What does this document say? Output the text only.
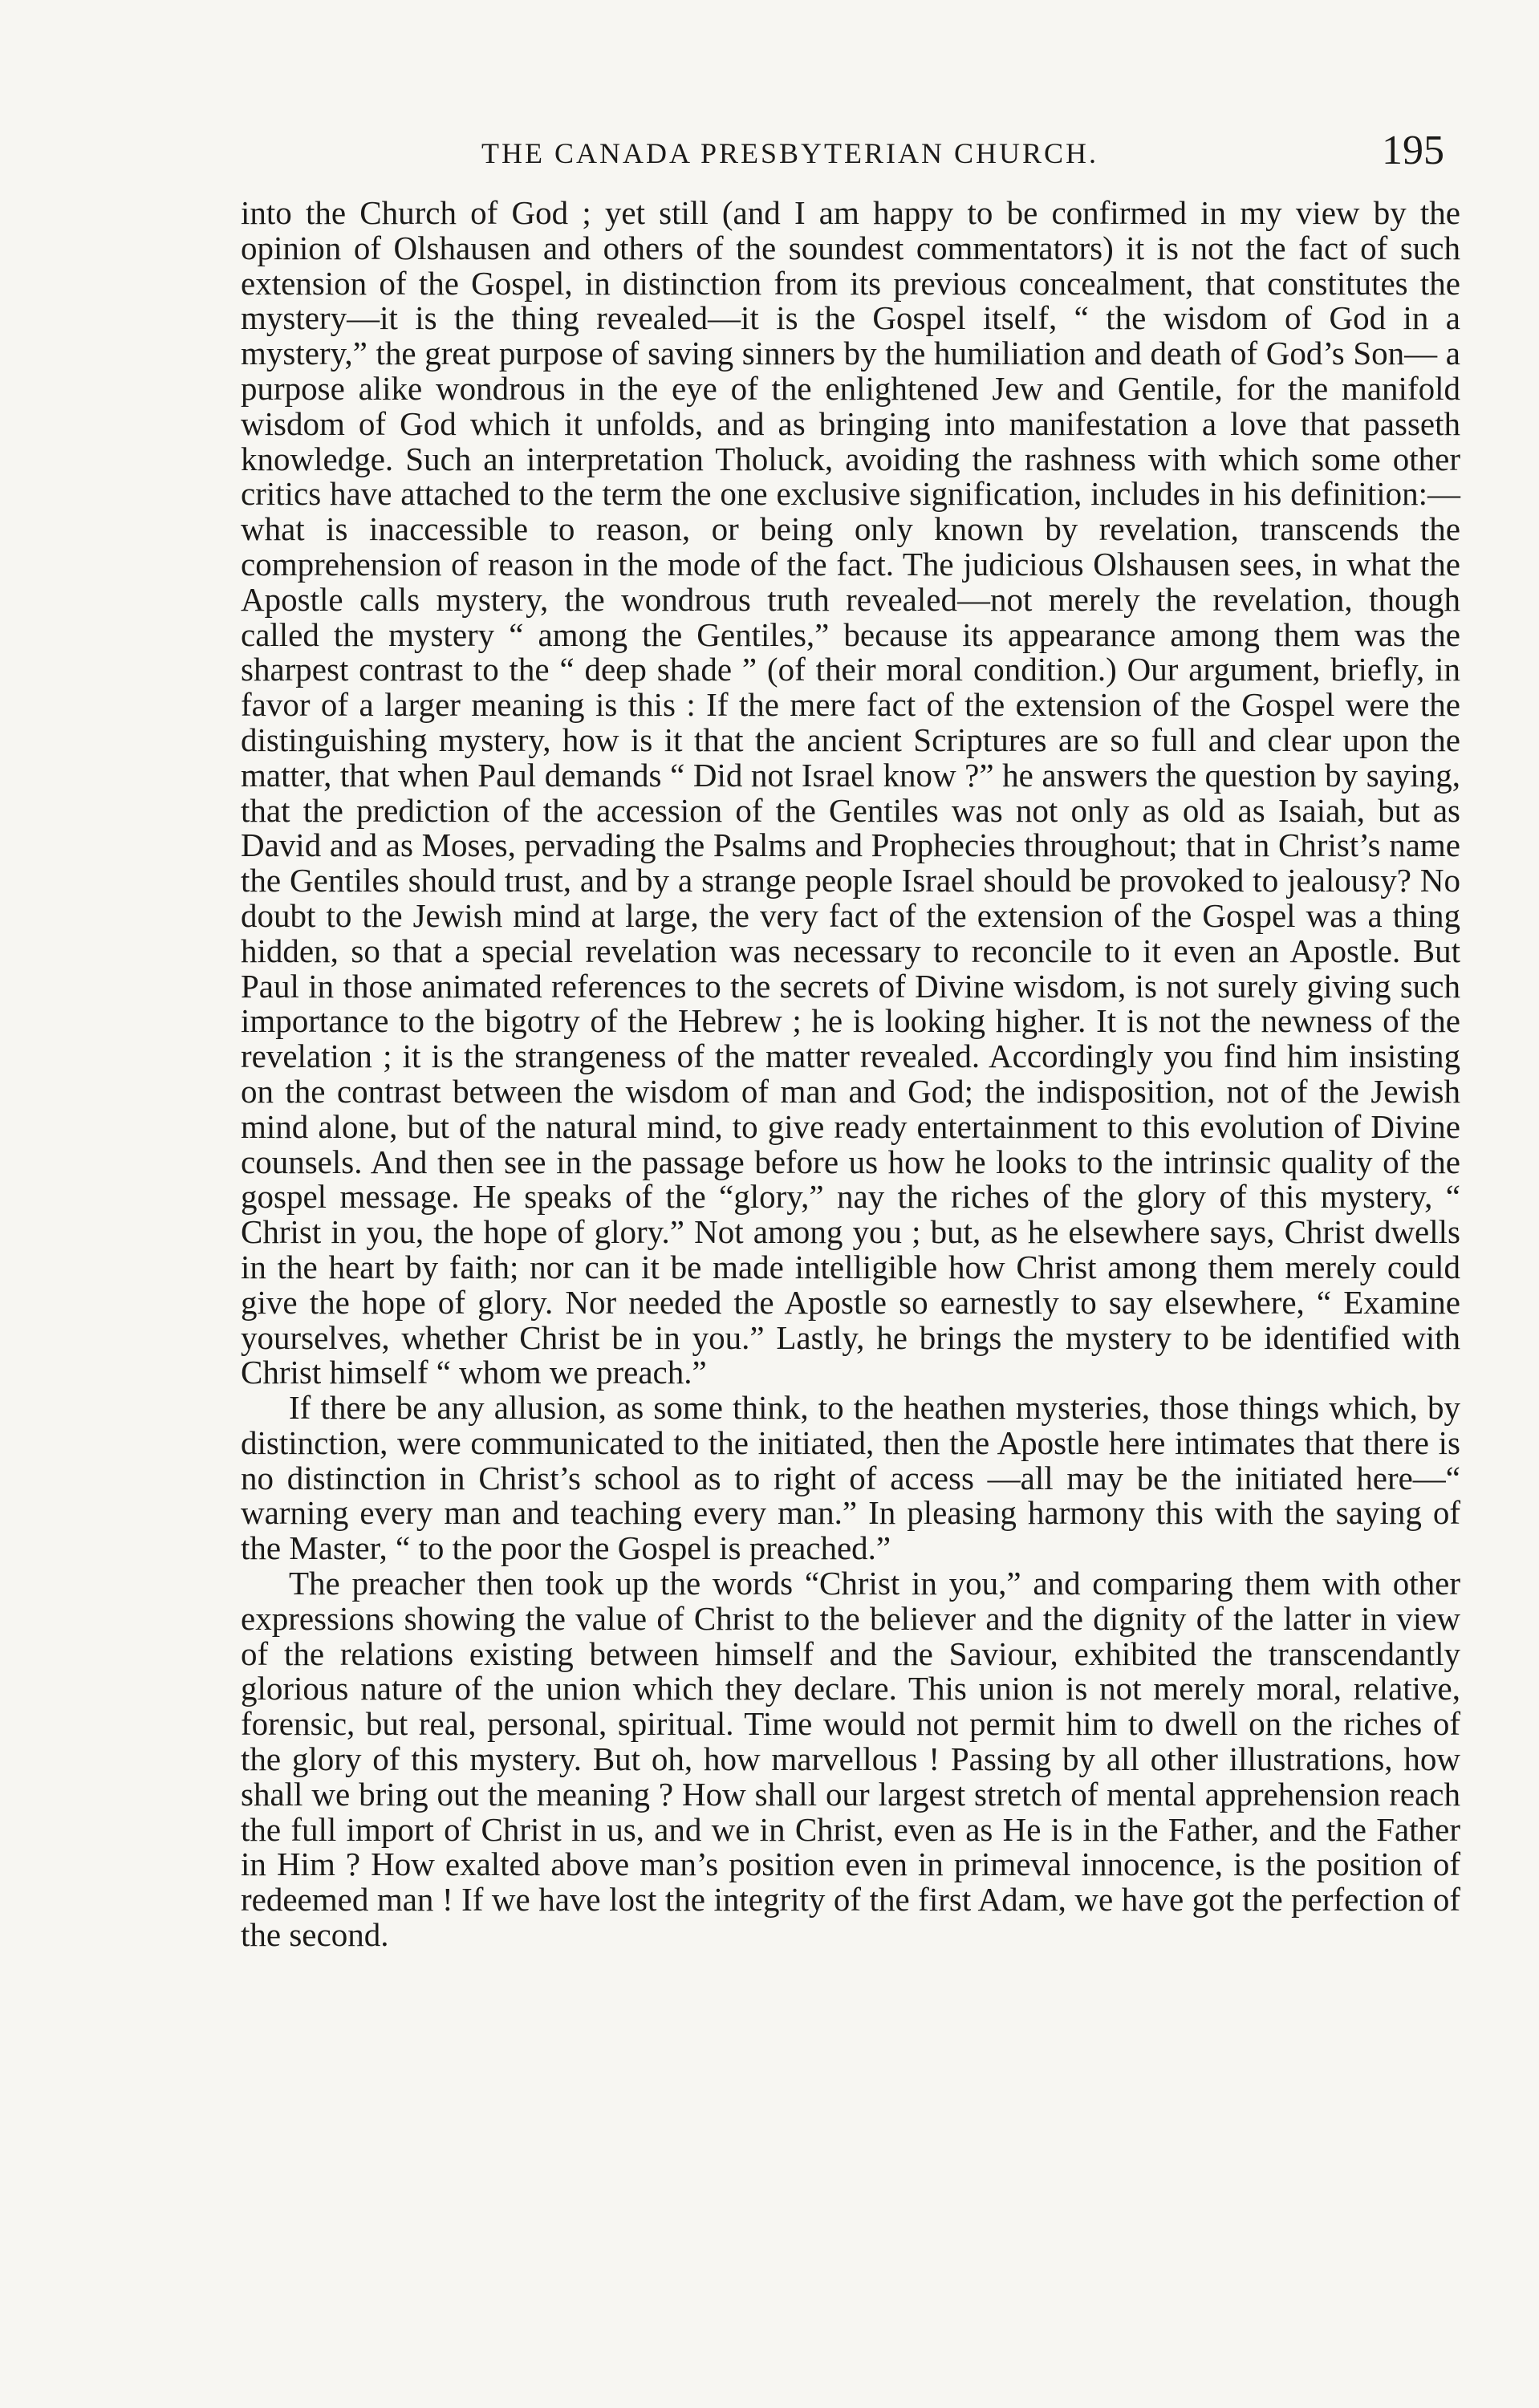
THE CANADA PRESBYTERIAN CHURCH.	195

into the Church of God ; yet still (and I am happy to be confirmed in my view by the opinion of Olshausen and others of the soundest commentators) it is not the fact of such extension of the Gospel, in distinction from its previous concealment, that constitutes the mystery—it is the thing revealed—it is the Gospel itself, “ the wisdom of God in a mystery,” the great purpose of saving sinners by the humiliation and death of God’s Son— a purpose alike wondrous in the eye of the enlightened Jew and Gentile, for the manifold wisdom of God which it unfolds, and as bringing into manifestation a love that passeth knowledge. Such an interpretation Tholuck, avoiding the rashness with which some other critics have attached to the term the one exclusive signification, includes in his definition:—what is inaccessible to reason, or being only known by revelation, transcends the comprehension of reason in the mode of the fact. The judicious Olshausen sees, in what the Apostle calls mystery, the wondrous truth revealed—not merely the revelation, though called the mystery “ among the Gentiles,” because its appearance among them was the sharpest contrast to the “ deep shade ” (of their moral condition.) Our argument, briefly, in favor of a larger meaning is this : If the mere fact of the extension of the Gospel were the distinguishing mystery, how is it that the ancient Scriptures are so full and clear upon the matter, that when Paul demands “ Did not Israel know ?” he answers the question by saying, that the prediction of the accession of the Gentiles was not only as old as Isaiah, but as David and as Moses, pervading the Psalms and Prophecies throughout; that in Christ’s name the Gentiles should trust, and by a strange people Israel should be provoked to jealousy? No doubt to the Jewish mind at large, the very fact of the extension of the Gospel was a thing hidden, so that a special revelation was necessary to reconcile to it even an Apostle. But Paul in those animated references to the secrets of Divine wisdom, is not surely giving such importance to the bigotry of the Hebrew ; he is looking higher. It is not the newness of the revelation ; it is the strangeness of the matter revealed. Accordingly you find him insisting on the contrast between the wisdom of man and God; the indisposition, not of the Jewish mind alone, but of the natural mind, to give ready entertainment to this evolution of Divine counsels. And then see in the passage before us how he looks to the intrinsic quality of the gospel message. He speaks of the “glory,” nay the riches of the glory of this mystery, “ Christ in you, the hope of glory.” Not among you ; but, as he elsewhere says, Christ dwells in the heart by faith; nor can it be made intelligible how Christ among them merely could give the hope of glory. Nor needed the Apostle so earnestly to say elsewhere, “ Examine yourselves, whether Christ be in you.” Lastly, he brings the mystery to be identified with Christ himself “ whom we preach.”

If there be any allusion, as some think, to the heathen mysteries, those things which, by distinction, were communicated to the initiated, then the Apostle here intimates that there is no distinction in Christ’s school as to right of access —all may be the initiated here—“ warning every man and teaching every man.” In pleasing harmony this with the saying of the Master, “ to the poor the Gospel is preached.”

The preacher then took up the words “Christ in you,” and comparing them with other expressions showing the value of Christ to the believer and the dignity of the latter in view of the relations existing between himself and the Saviour, exhibited the transcendantly glorious nature of the union which they declare. This union is not merely moral, relative, forensic, but real, personal, spiritual. Time would not permit him to dwell on the riches of the glory of this mystery. But oh, how marvellous ! Passing by all other illustrations, how shall we bring out the meaning ? How shall our largest stretch of mental apprehension reach the full import of Christ in us, and we in Christ, even as He is in the Father, and the Father in Him ? How exalted above man’s position even in primeval innocence, is the position of redeemed man ! If we have lost the integrity of the first Adam, we have got the perfection of the second.
